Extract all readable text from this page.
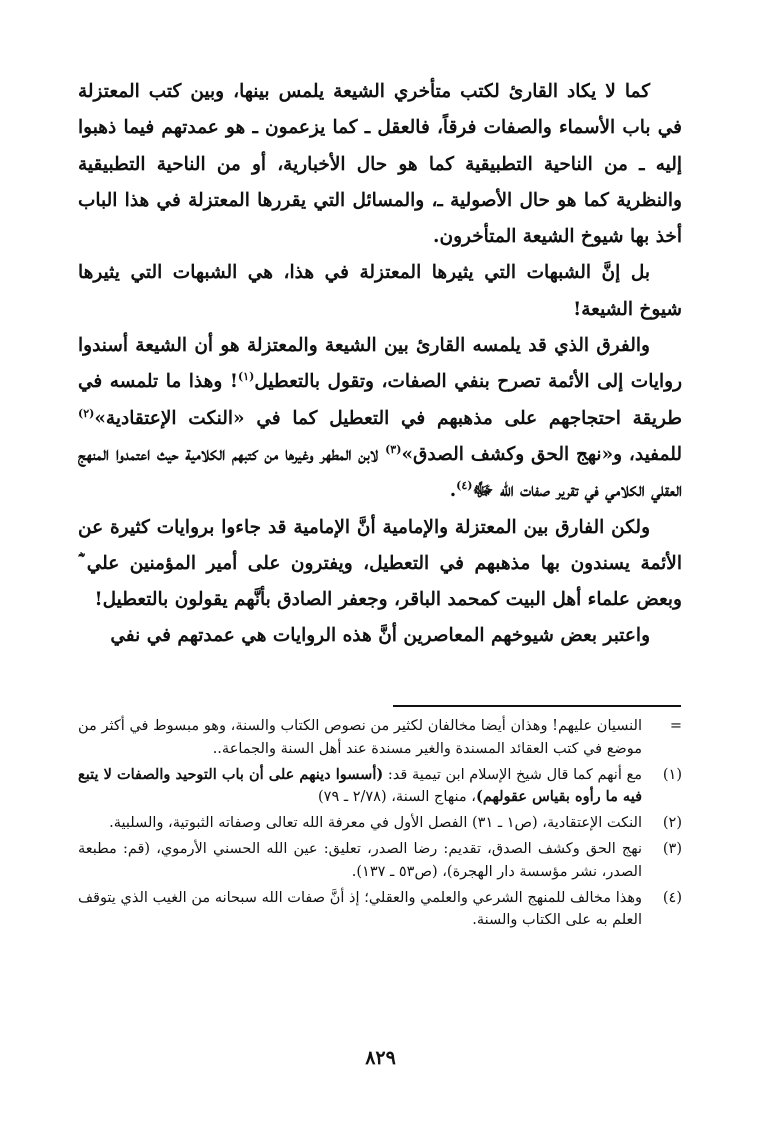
كما لا يكاد القارئ لكتب متأخري الشيعة يلمس بينها، وبين كتب المعتزلة في باب الأسماء والصفات فرقاً، فالعقل ـ كما يزعمون ـ هو عمدتهم فيما ذهبوا إليه ـ من الناحية التطبيقية كما هو حال الأخبارية، أو من الناحية التطبيقية والنظرية كما هو حال الأصولية ـ، والمسائل التي يقررها المعتزلة في هذا الباب أخذ بها شيوخ الشيعة المتأخرون.

بل إنَّ الشبهات التي يثيرها المعتزلة في هذا، هي الشبهات التي يثيرها شيوخ الشيعة!

والفرق الذي قد يلمسه القارئ بين الشيعة والمعتزلة هو أن الشيعة أسندوا روايات إلى الأئمة تصرح بنفي الصفات، وتقول بالتعطيل$^{(١)}$! وهذا ما تلمسه في طريقة احتجاجهم على مذهبهم في التعطيل كما في «النكت الإعتقادية»$^{(٢)}$ للمفيد، و«نهج الحق وكشف الصدق»$^{(٣)}$ لابن المطهر وغيرها من كتبهم الكلامية حيث اعتمدوا المنهج العقلي الكلامي في تقرير صفات الله ﷻ$^{(٤)}$.

ولكن الفارق بين المعتزلة والإمامية أنَّ الإمامية قد جاءوا بروايات كثيرة عن الأئمة يسندون بها مذهبهم في التعطيل، ويفترون على أمير المؤمنين علي ؓ وبعض علماء أهل البيت كمحمد الباقر، وجعفر الصادق بأنَّهم يقولون بالتعطيل!

واعتبر بعض شيوخهم المعاصرين أنَّ هذه الروايات هي عمدتهم في نفي

=
النسيان عليهم! وهذان أيضا مخالفان لكثير من نصوص الكتاب والسنة، وهو مبسوط في أكثر من موضع في كتب العقائد المسندة والغير مسندة عند أهل السنة والجماعة..
(١)
مع أنهم كما قال شيخ الإسلام ابن تيمية قد: (أسسوا دينهم على أن باب التوحيد والصفات لا يتبع فيه ما رأوه بقياس عقولهم)، منهاج السنة، (٢/٧٨ ـ ٧٩)
(٢)
النكت الإعتقادية، (ص١ ـ ٣١) الفصل الأول في معرفة الله تعالى وصفاته الثبوتية، والسلبية.
(٣)
نهج الحق وكشف الصدق، تقديم: رضا الصدر، تعليق: عين الله الحسني الأرموي، (قم: مطبعة الصدر، نشر مؤسسة دار الهجرة)، (ص٥٣ ـ ١٣٧).
(٤)
وهذا مخالف للمنهج الشرعي والعلمي والعقلي؛ إذ أنَّ صفات الله سبحانه من الغيب الذي يتوقف العلم به على الكتاب والسنة.
٨٢٩
